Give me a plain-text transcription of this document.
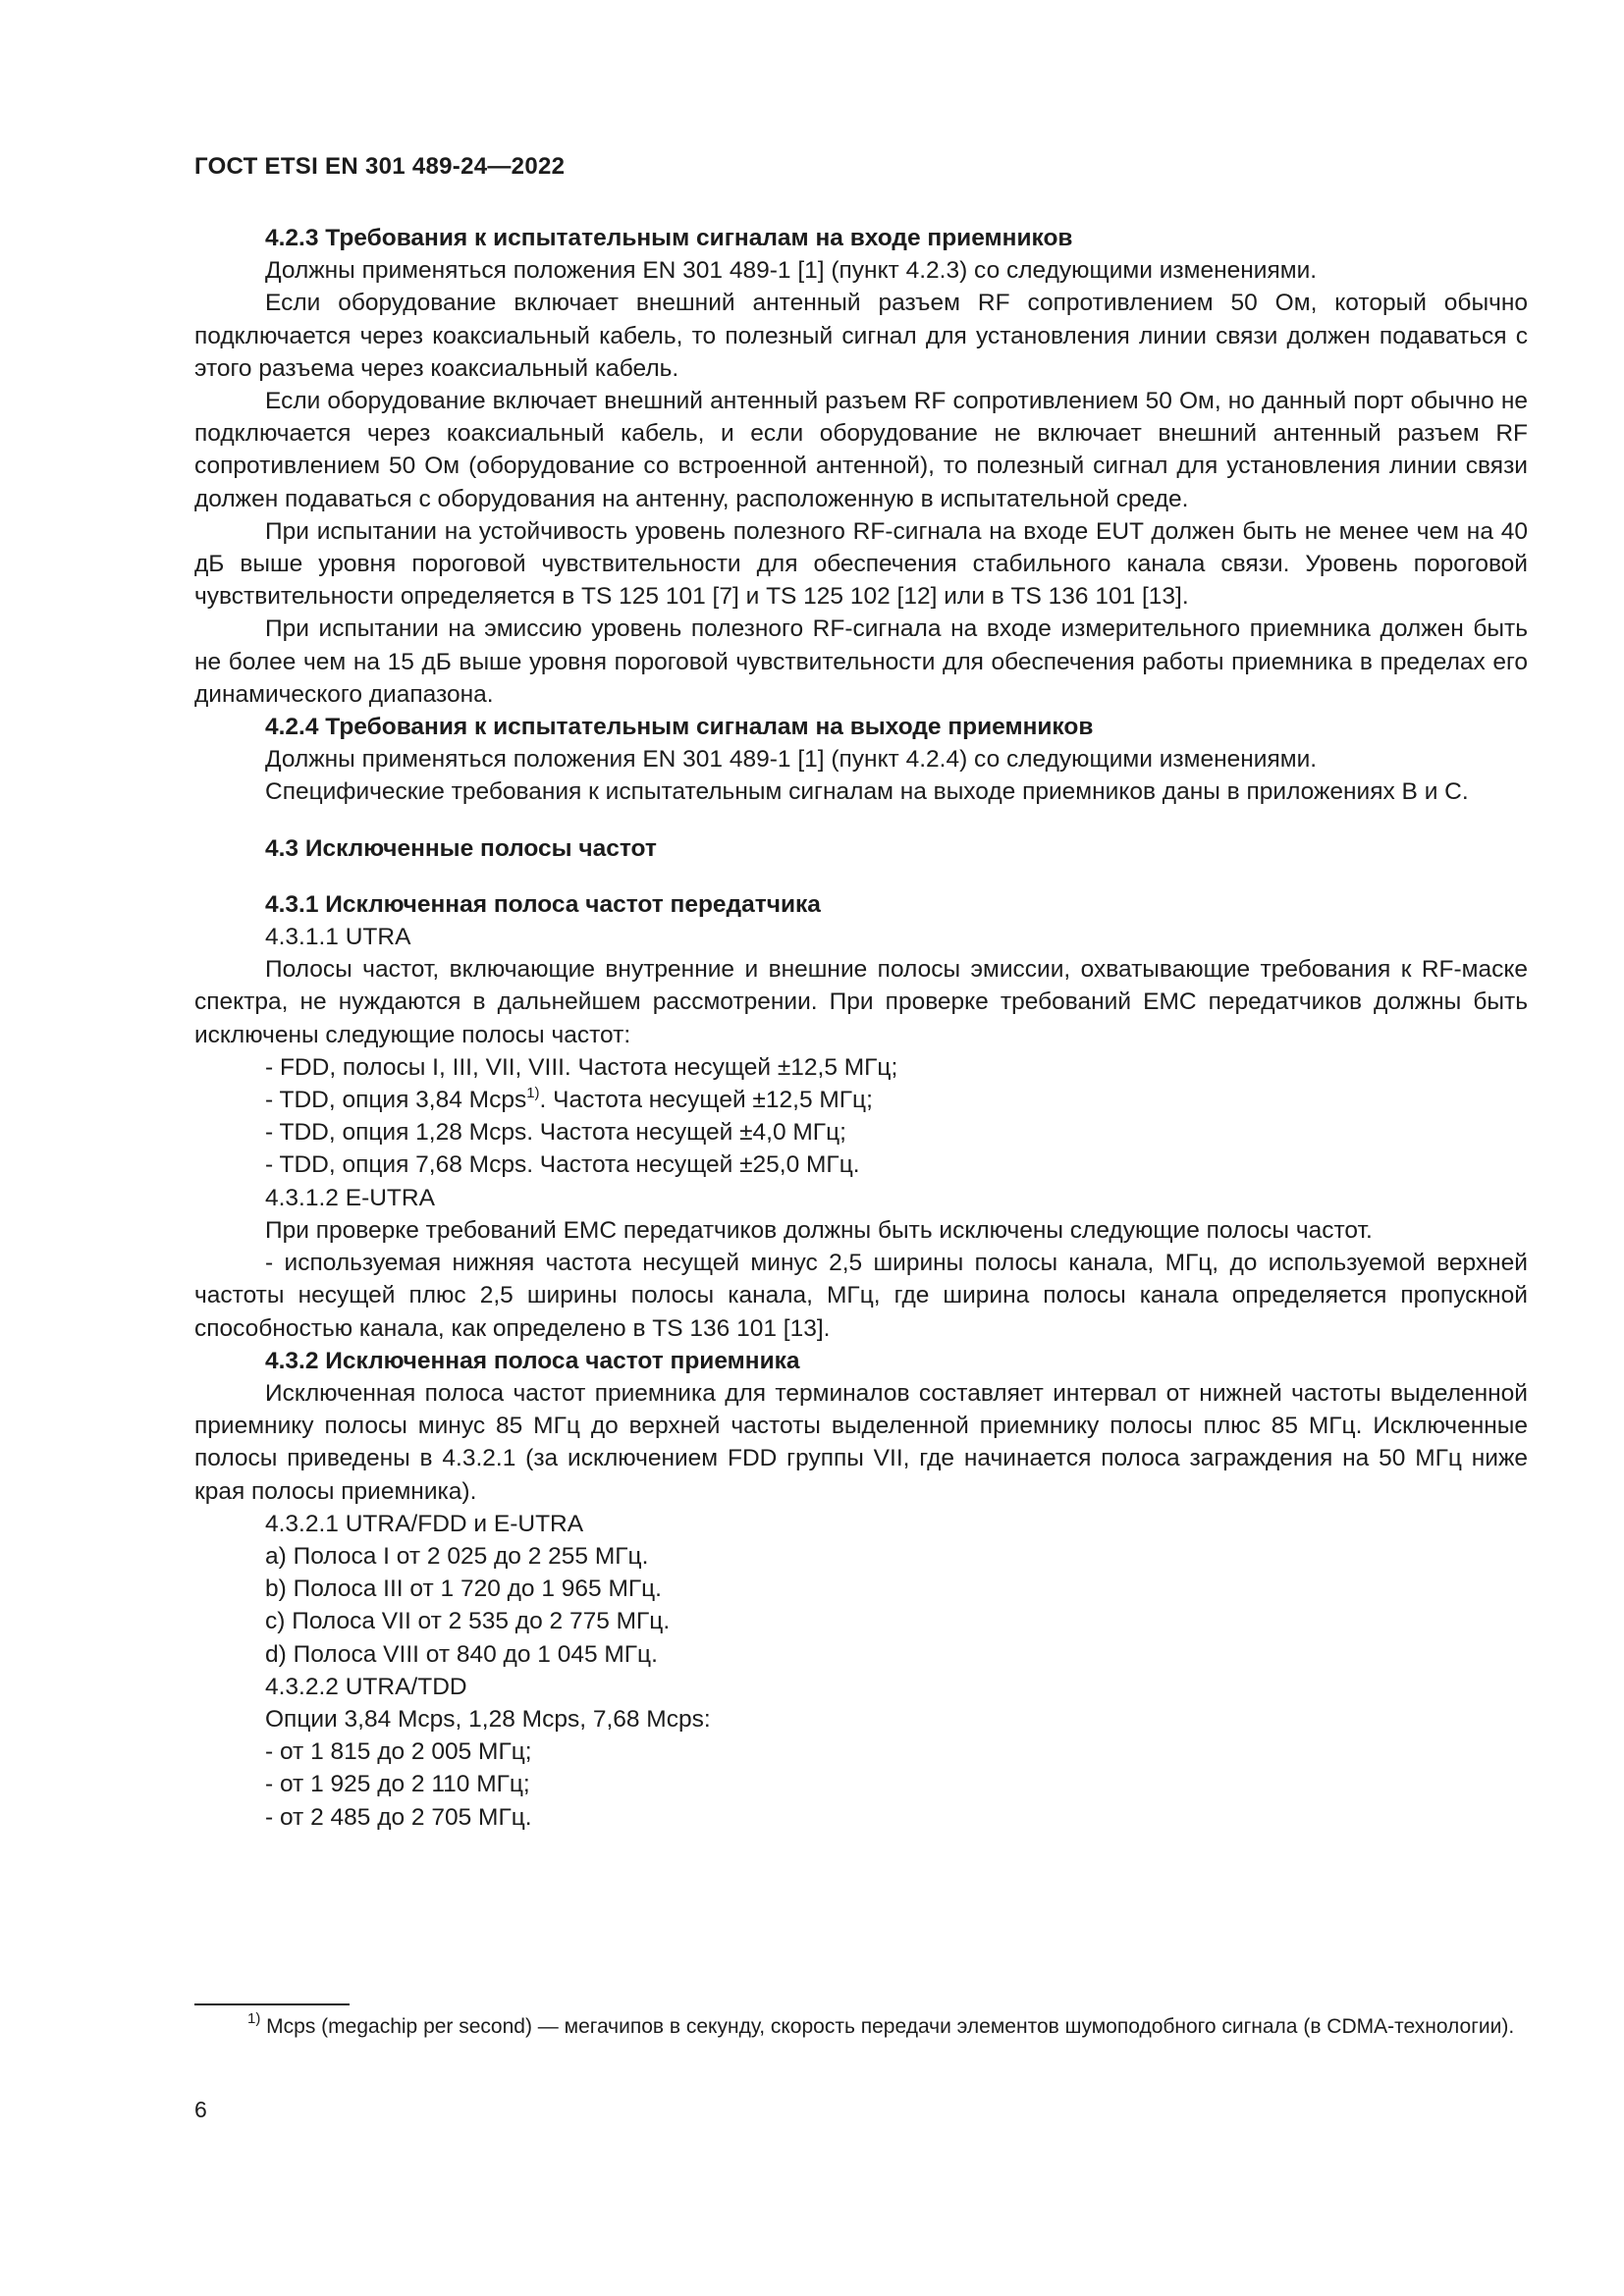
ГОСТ ETSI EN 301 489-24—2022
4.2.3 Требования к испытательным сигналам на входе приемников

Должны применяться положения EN 301 489-1 [1] (пункт 4.2.3) со следующими изменениями.

Если оборудование включает внешний антенный разъем RF сопротивлением 50 Ом, который обычно подключается через коаксиальный кабель, то полезный сигнал для установления линии связи должен подаваться с этого разъема через коаксиальный кабель.

Если оборудование включает внешний антенный разъем RF сопротивлением 50 Ом, но данный порт обычно не подключается через коаксиальный кабель, и если оборудование не включает внешний антенный разъем RF сопротивлением 50 Ом (оборудование со встроенной антенной), то полезный сигнал для установления линии связи должен подаваться с оборудования на антенну, расположенную в испытательной среде.

При испытании на устойчивость уровень полезного RF-сигнала на входе EUT должен быть не менее чем на 40 дБ выше уровня пороговой чувствительности для обеспечения стабильного канала связи. Уровень пороговой чувствительности определяется в TS 125 101 [7] и TS 125 102 [12] или в TS 136 101 [13].

При испытании на эмиссию уровень полезного RF-сигнала на входе измерительного приемника должен быть не более чем на 15 дБ выше уровня пороговой чувствительности для обеспечения работы приемника в пределах его динамического диапазона.

4.2.4 Требования к испытательным сигналам на выходе приемников

Должны применяться положения EN 301 489-1 [1] (пункт 4.2.4) со следующими изменениями.

Специфические требования к испытательным сигналам на выходе приемников даны в приложениях B и C.

4.3 Исключенные полосы частот
4.3.1 Исключенная полоса частот передатчика

4.3.1.1 UTRA

Полосы частот, включающие внутренние и внешние полосы эмиссии, охватывающие требования к RF-маске спектра, не нуждаются в дальнейшем рассмотрении. При проверке требований EMC передатчиков должны быть исключены следующие полосы частот:

- FDD, полосы I, III, VII, VIII. Частота несущей ±12,5 МГц;

- TDD, опция 3,84 Mcps$^{1)}$. Частота несущей ±12,5 МГц;

- TDD, опция 1,28 Mcps. Частота несущей ±4,0 МГц;

- TDD, опция 7,68 Mcps. Частота несущей ±25,0 МГц.

4.3.1.2 E-UTRA

При проверке требований EMC передатчиков должны быть исключены следующие полосы частот.

- используемая нижняя частота несущей минус 2,5 ширины полосы канала, МГц, до используемой верхней частоты несущей плюс 2,5 ширины полосы канала, МГц, где ширина полосы канала определяется пропускной способностью канала, как определено в TS 136 101 [13].

4.3.2 Исключенная полоса частот приемника

Исключенная полоса частот приемника для терминалов составляет интервал от нижней частоты выделенной приемнику полосы минус 85 МГц до верхней частоты выделенной приемнику полосы плюс 85 МГц. Исключенные полосы приведены в 4.3.2.1 (за исключением FDD группы VII, где начинается полоса заграждения на 50 МГц ниже края полосы приемника).

4.3.2.1 UTRA/FDD и E-UTRA

a) Полоса I от 2 025 до 2 255 МГц.

b) Полоса III от 1 720 до 1 965 МГц.

c) Полоса VII от 2 535 до 2 775 МГц.

d) Полоса VIII от 840 до 1 045 МГц.

4.3.2.2 UTRA/TDD

Опции 3,84 Mcps, 1,28 Mcps, 7,68 Mcps:

- от 1 815 до 2 005 МГц;

- от 1 925 до 2 110 МГц;

- от 2 485 до 2 705 МГц.

$^{1)}$ Mcps (megachip per second) — мегачипов в секунду, скорость передачи элементов шумоподобного сигнала (в CDMA-технологии).
6
